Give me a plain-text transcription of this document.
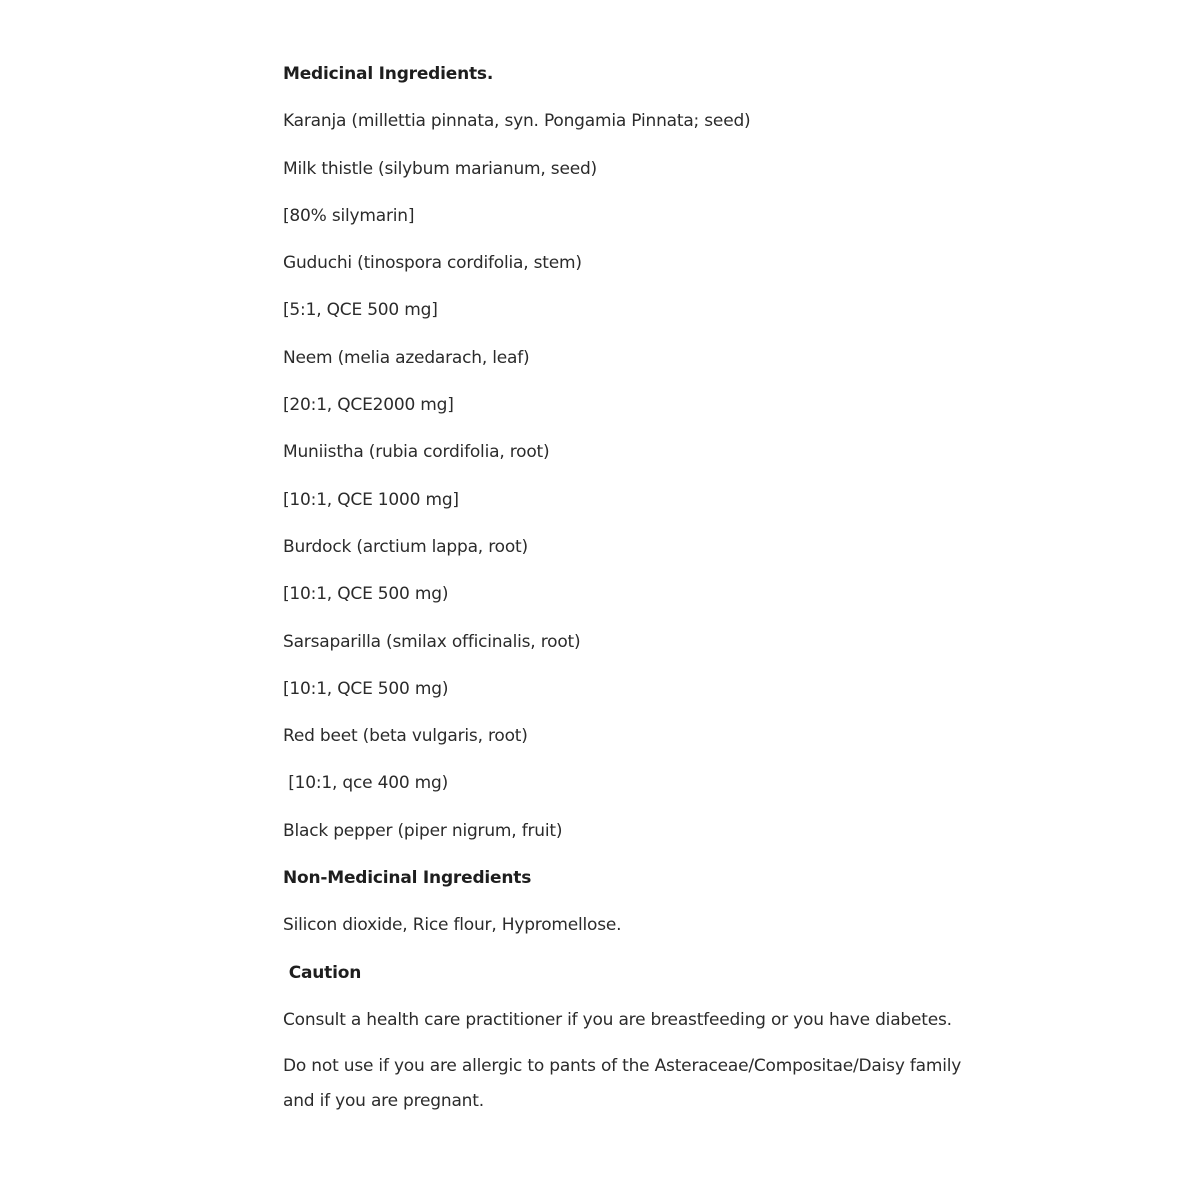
Medicinal Ingredients.
Karanja (millettia pinnata, syn. Pongamia Pinnata; seed)
Milk thistle (silybum marianum, seed)
[80% silymarin]
Guduchi (tinospora cordifolia, stem)
[5:1, QCE 500 mg]
Neem (melia azedarach, leaf)
[20:1, QCE2000 mg]
Muniistha (rubia cordifolia, root)
[10:1, QCE 1000 mg]
Burdock (arctium lappa, root)
[10:1, QCE 500 mg)
Sarsaparilla (smilax officinalis, root)
[10:1, QCE 500 mg)
Red beet (beta vulgaris, root)
[10:1, qce 400 mg)
Black pepper (piper nigrum, fruit)
Non-Medicinal Ingredients
Silicon dioxide, Rice flour, Hypromellose.
Caution
Consult a health care practitioner if you are breastfeeding or you have diabetes.
Do not use if you are allergic to pants of the Asteraceae/Compositae/Daisy family and if you are pregnant.
